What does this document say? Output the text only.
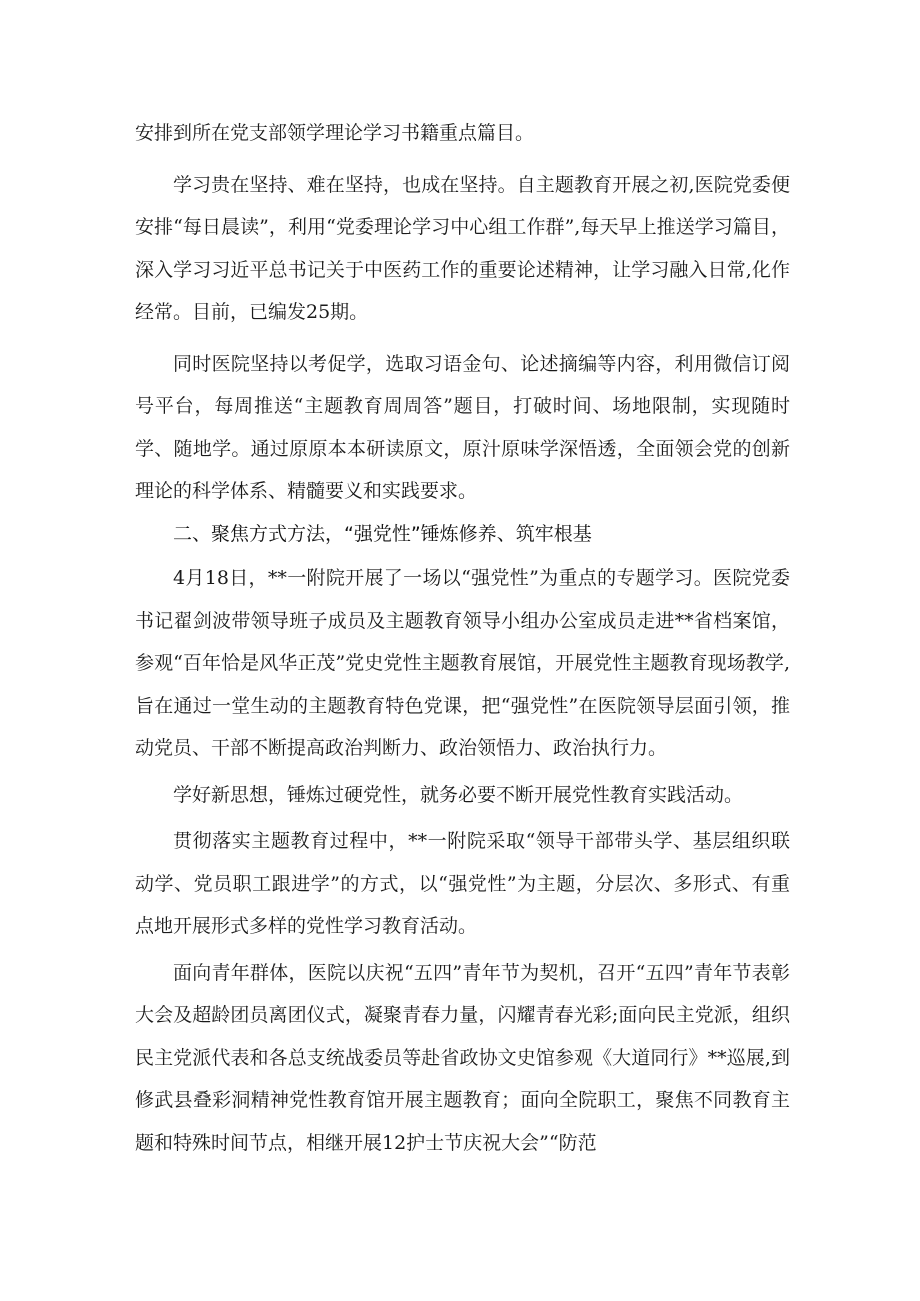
安排到所在党支部领学理论学习书籍重点篇目。

学习贵在坚持、难在坚持，也成在坚持。自主题教育开展之初,医院党委便安排“每日晨读”，利用“党委理论学习中心组工作群”,每天早上推送学习篇目，深入学习习近平总书记关于中医药工作的重要论述精神，让学习融入日常,化作经常。目前，已编发25期。

同时医院坚持以考促学，选取习语金句、论述摘编等内容，利用微信订阅号平台，每周推送“主题教育周周答”题目，打破时间、场地限制，实现随时学、随地学。通过原原本本研读原文，原汁原味学深悟透，全面领会党的创新理论的科学体系、精髓要义和实践要求。

二、聚焦方式方法，“强党性”锤炼修养、筑牢根基

4月18日，**一附院开展了一场以“强党性”为重点的专题学习。医院党委书记翟剑波带领导班子成员及主题教育领导小组办公室成员走进**省档案馆，参观“百年恰是风华正茂”党史党性主题教育展馆，开展党性主题教育现场教学,旨在通过一堂生动的主题教育特色党课，把“强党性”在医院领导层面引领，推动党员、干部不断提高政治判断力、政治领悟力、政治执行力。

学好新思想，锤炼过硬党性，就务必要不断开展党性教育实践活动。

贯彻落实主题教育过程中，**一附院采取“领导干部带头学、基层组织联动学、党员职工跟进学”的方式，以“强党性”为主题，分层次、多形式、有重点地开展形式多样的党性学习教育活动。

面向青年群体，医院以庆祝“五四”青年节为契机，召开“五四”青年节表彰大会及超龄团员离团仪式，凝聚青春力量，闪耀青春光彩;面向民主党派，组织民主党派代表和各总支统战委员等赴省政协文史馆参观《大道同行》**巡展,到修武县叠彩洞精神党性教育馆开展主题教育；面向全院职工，聚焦不同教育主题和特殊时间节点，相继开展12护士节庆祝大会”“防范
